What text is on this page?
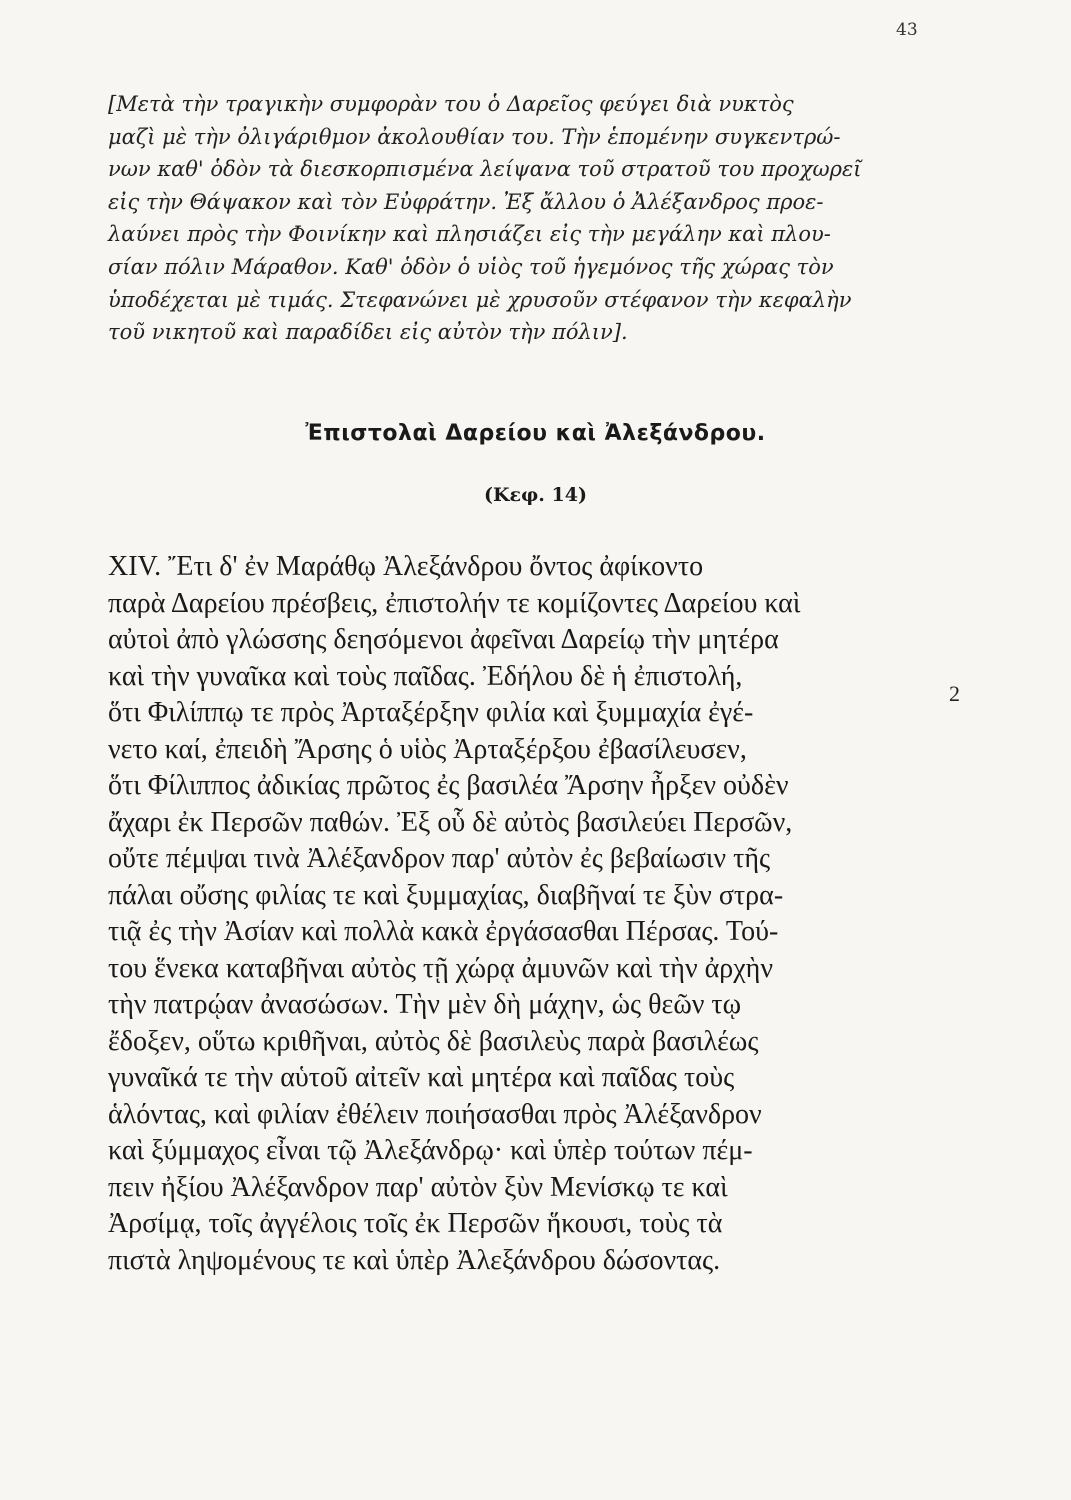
43
[Μετὰ τὴν τραγικὴν συμφορὰν του ὁ Δαρεῖος φεύγει διὰ νυκτὸς
μαζὶ μὲ τὴν ὀλιγάριθμον ἀκολουθίαν του. Τὴν ἑπομένην συγκεντρώ-
νων καθ' ὁδὸν τὰ διεσκορπισμένα λείψανα τοῦ στρατοῦ του προχωρεῖ
εἰς τὴν Θάψακον καὶ τὸν Εὐφράτην. Ἐξ ἄλλου ὁ Ἀλέξανδρος προε-
λαύνει πρὸς τὴν Φοινίκην καὶ πλησιάζει εἰς τὴν μεγάλην καὶ πλου-
σίαν πόλιν Μάραθον. Καθ' ὁδὸν ὁ υἱὸς τοῦ ἡγεμόνος τῆς χώρας τὸν
ὑποδέχεται μὲ τιμάς. Στεφανώνει μὲ χρυσοῦν στέφανον τὴν κεφαλὴν
τοῦ νικητοῦ καὶ παραδίδει εἰς αὐτὸν τὴν πόλιν].
Ἐπιστολαὶ Δαρείου καὶ Ἀλεξάνδρου.
(Κεφ. 14)
XIV. Ἔτι δ' ἐν Μαράθῳ Ἀλεξάνδρου ὄντος ἀφίκοντο
παρὰ Δαρείου πρέσβεις, ἐπιστολήν τε κομίζοντες Δαρείου καὶ
αὐτοὶ ἀπὸ γλώσσης δεησόμενοι ἀφεῖναι Δαρείῳ τὴν μητέρα
καὶ τὴν γυναῖκα καὶ τοὺς παῖδας. Ἐδήλου δὲ ἡ ἐπιστολή,
ὅτι Φιλίππῳ τε πρὸς Ἀρταξέρξην φιλία καὶ ξυμμαχία ἐγέ-
νετο καί, ἐπειδὴ Ἄρσης ὁ υἱὸς Ἀρταξέρξου ἐβασίλευσεν,
ὅτι Φίλιππος ἀδικίας πρῶτος ἐς βασιλέα Ἄρσην ἦρξεν οὐδὲν
ἄχαρι ἐκ Περσῶν παθών. Ἐξ οὗ δὲ αὐτὸς βασιλεύει Περσῶν,
οὔτε πέμψαι τινὰ Ἀλέξανδρον παρ' αὐτὸν ἐς βεβαίωσιν τῆς
πάλαι οὔσης φιλίας τε καὶ ξυμμαχίας, διαβῆναί τε ξὺν στρα-
τιᾷ ἐς τὴν Ἀσίαν καὶ πολλὰ κακὰ ἐργάσασθαι Πέρσας. Τού-
του ἕνεκα καταβῆναι αὐτὸς τῇ χώρᾳ ἀμυνῶν καὶ τὴν ἀρχὴν
τὴν πατρῴαν ἀνασώσων. Τὴν μὲν δὴ μάχην, ὡς θεῶν τῳ
ἔδοξεν, οὕτω κριθῆναι, αὐτὸς δὲ βασιλεὺς παρὰ βασιλέως
γυναῖκά τε τὴν αὑτοῦ αἰτεῖν καὶ μητέρα καὶ παῖδας τοὺς
ἁλόντας, καὶ φιλίαν ἐθέλειν ποιήσασθαι πρὸς Ἀλέξανδρον
καὶ ξύμμαχος εἶναι τῷ Ἀλεξάνδρῳ· καὶ ὑπὲρ τούτων πέμ-
πειν ἠξίου Ἀλέξανδρον παρ' αὐτὸν ξὺν Μενίσκῳ τε καὶ
Ἀρσίμᾳ, τοῖς ἀγγέλοις τοῖς ἐκ Περσῶν ἥκουσι, τοὺς τὰ
πιστὰ ληψομένους τε καὶ ὑπὲρ Ἀλεξάνδρου δώσοντας.
2
